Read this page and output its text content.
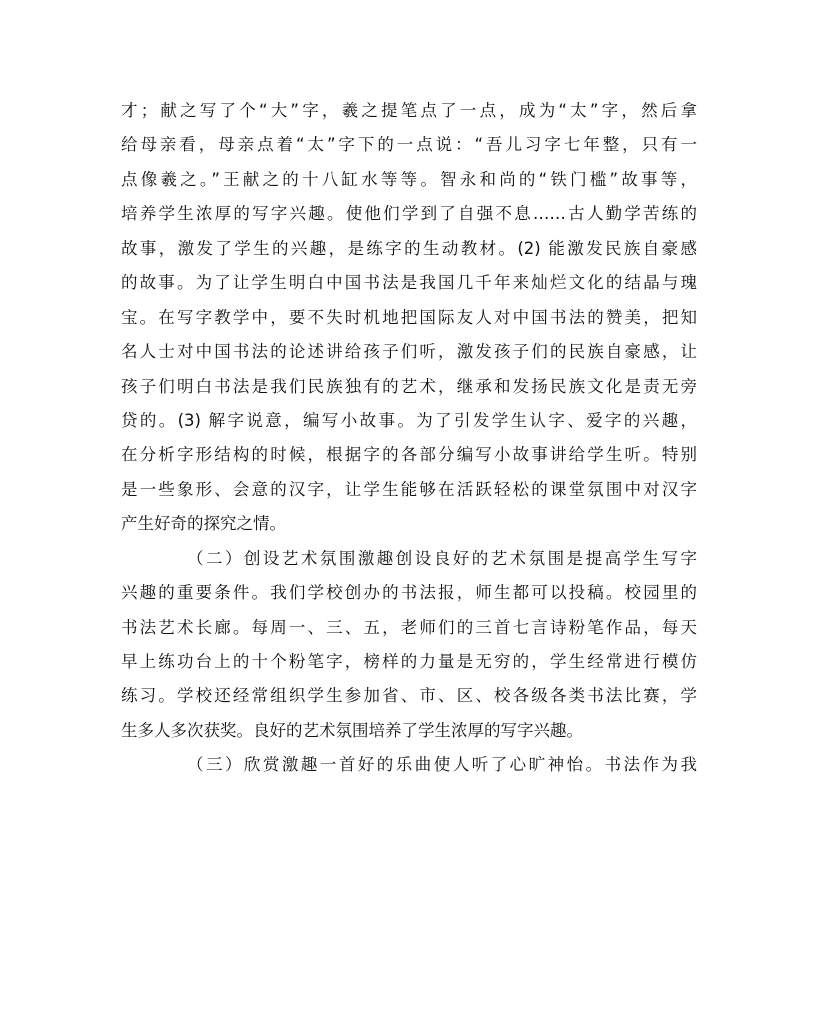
才；献之写了个“大”字，羲之提笔点了一点，成为“太”字，然后拿
给母亲看，母亲点着“太”字下的一点说：“吾儿习字七年整，只有一
点像羲之。”王献之的十八缸水等等。智永和尚的“铁门槛”故事等，
培养学生浓厚的写字兴趣。使他们学到了自强不息……古人勤学苦练的
故事，激发了学生的兴趣，是练字的生动教材。(2) 能激发民族自豪感
的故事。为了让学生明白中国书法是我国几千年来灿烂文化的结晶与瑰
宝。在写字教学中，要不失时机地把国际友人对中国书法的赞美，把知
名人士对中国书法的论述讲给孩子们听，激发孩子们的民族自豪感，让
孩子们明白书法是我们民族独有的艺术，继承和发扬民族文化是责无旁
贷的。(3) 解字说意，编写小故事。为了引发学生认字、爱字的兴趣，
在分析字形结构的时候，根据字的各部分编写小故事讲给学生听。特别
是一些象形、会意的汉字，让学生能够在活跃轻松的课堂氛围中对汉字
产生好奇的探究之情。
（二）创设艺术氛围激趣创设良好的艺术氛围是提高学生写字
兴趣的重要条件。我们学校创办的书法报，师生都可以投稿。校园里的
书法艺术长廊。每周一、三、五，老师们的三首七言诗粉笔作品，每天
早上练功台上的十个粉笔字，榜样的力量是无穷的，学生经常进行模仿
练习。学校还经常组织学生参加省、市、区、校各级各类书法比赛，学
生多人多次获奖。良好的艺术氛围培养了学生浓厚的写字兴趣。
（三）欣赏激趣一首好的乐曲使人听了心旷神怡。书法作为我
